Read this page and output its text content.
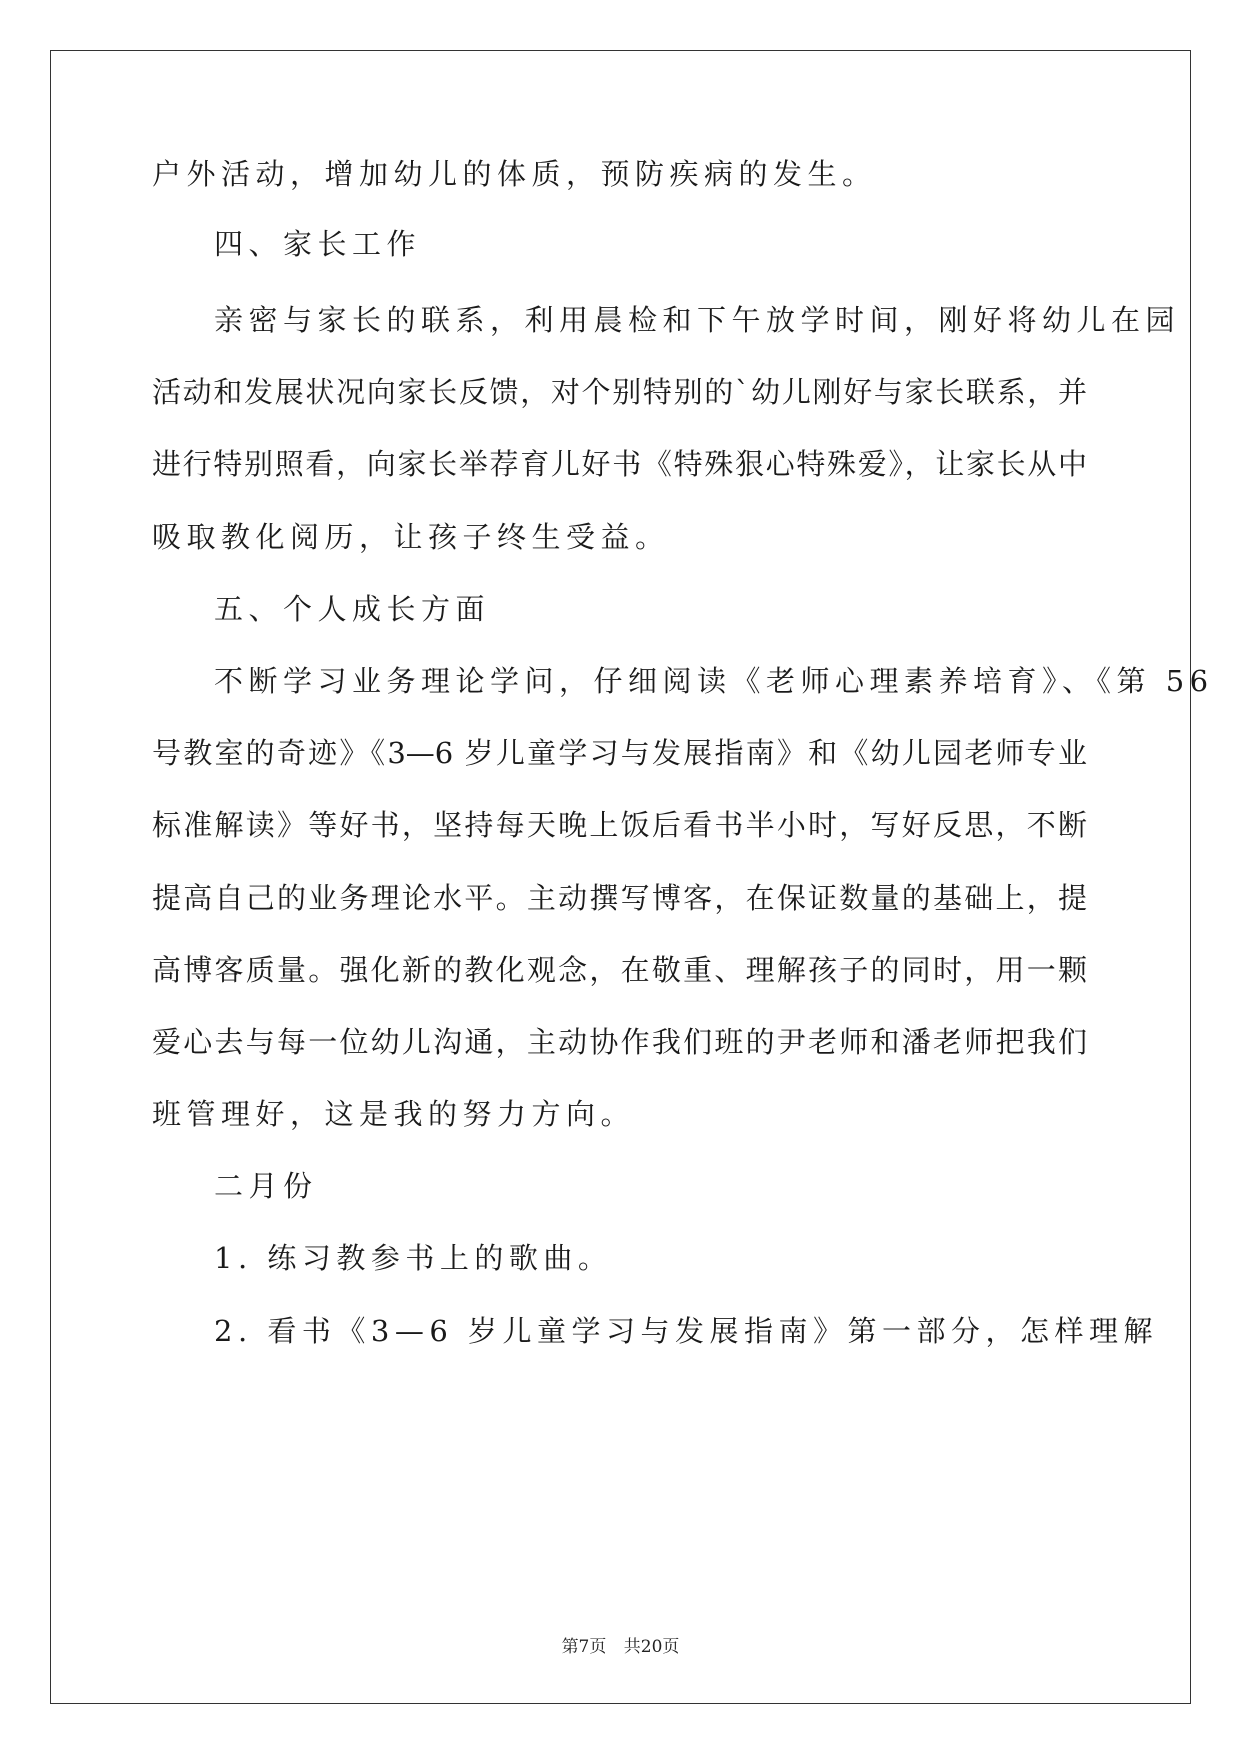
户外活动，增加幼儿的体质，预防疾病的发生。
四、家长工作
亲密与家长的联系，利用晨检和下午放学时间，刚好将幼儿在园
活动和发展状况向家长反馈，对个别特别的`幼儿刚好与家长联系，并
进行特别照看，向家长举荐育儿好书《特殊狠心特殊爱》，让家长从中
吸取教化阅历，让孩子终生受益。
五、个人成长方面
不断学习业务理论学问，仔细阅读《老师心理素养培育》、《第 56
号教室的奇迹》《3—6 岁儿童学习与发展指南》和《幼儿园老师专业
标准解读》等好书，坚持每天晚上饭后看书半小时，写好反思，不断
提高自己的业务理论水平。主动撰写博客，在保证数量的基础上，提
高博客质量。强化新的教化观念，在敬重、理解孩子的同时，用一颗
爱心去与每一位幼儿沟通，主动协作我们班的尹老师和潘老师把我们
班管理好，这是我的努力方向。
二月份
1. 练习教参书上的歌曲。
2. 看书《3—6 岁儿童学习与发展指南》第一部分，怎样理解
第7页 共20页
